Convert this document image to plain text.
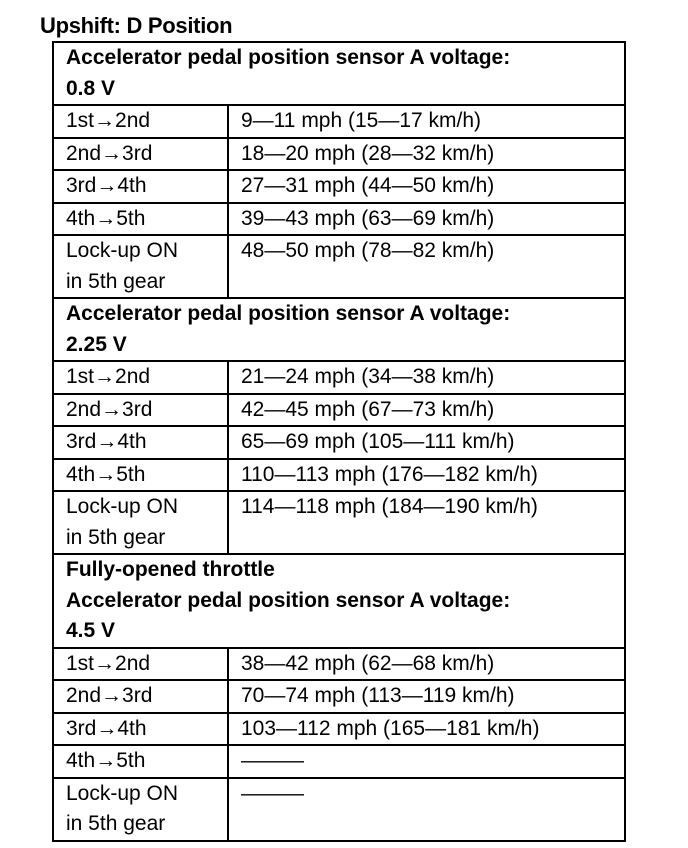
Upshift: D Position
Accelerator pedal position sensor A voltage:
0.8 V	

1st→2nd	9—11 mph (15—17 km/h)
2nd→3rd	18—20 mph (28—32 km/h)
3rd→4th	27—31 mph (44—50 km/h)
4th→5th	39—43 mph (63—69 km/h)

Lock-up ON
in 5th gear	48—50 mph (78—82 km/h)

Accelerator pedal position sensor A voltage:
2.25 V	

1st→2nd	21—24 mph (34—38 km/h)
2nd→3rd	42—45 mph (67—73 km/h)
3rd→4th	65—69 mph (105—111 km/h)
4th→5th	110—113 mph (176—182 km/h)

Lock-up ON
in 5th gear	114—118 mph (184—190 km/h)

Fully-opened throttle
Accelerator pedal position sensor A voltage:
4.5 V	

1st→2nd	38—42 mph (62—68 km/h)
2nd→3rd	70—74 mph (113—119 km/h)
3rd→4th	103—112 mph (165—181 km/h)
4th→5th	———

Lock-up ON
in 5th gear	———
